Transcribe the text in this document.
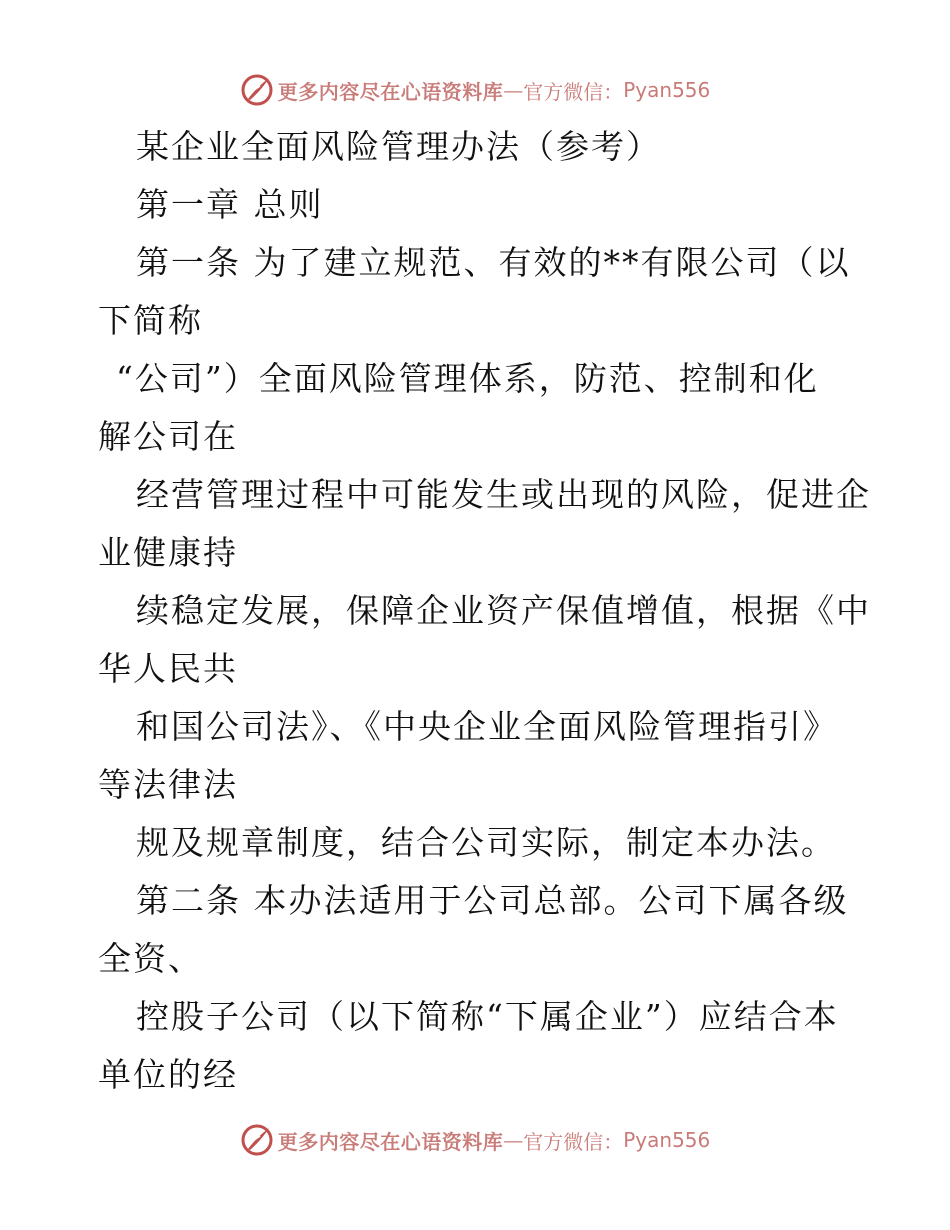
更多内容尽在心语资料库 — 官方微信： Pyan556
某企业全面风险管理办法（参考）
第一章 总则
第一条 为了建立规范、有效的**有限公司（以
下简称
“公司”）全面风险管理体系，防范、控制和化
解公司在
经营管理过程中可能发生或出现的风险，促进企
业健康持
续稳定发展，保障企业资产保值增值，根据《中
华人民共
和国公司法》、《中央企业全面风险管理指引》
等法律法
规及规章制度，结合公司实际，制定本办法。
第二条 本办法适用于公司总部。公司下属各级
全资、
控股子公司（以下简称“下属企业”）应结合本
单位的经
更多内容尽在心语资料库 — 官方微信： Pyan556
